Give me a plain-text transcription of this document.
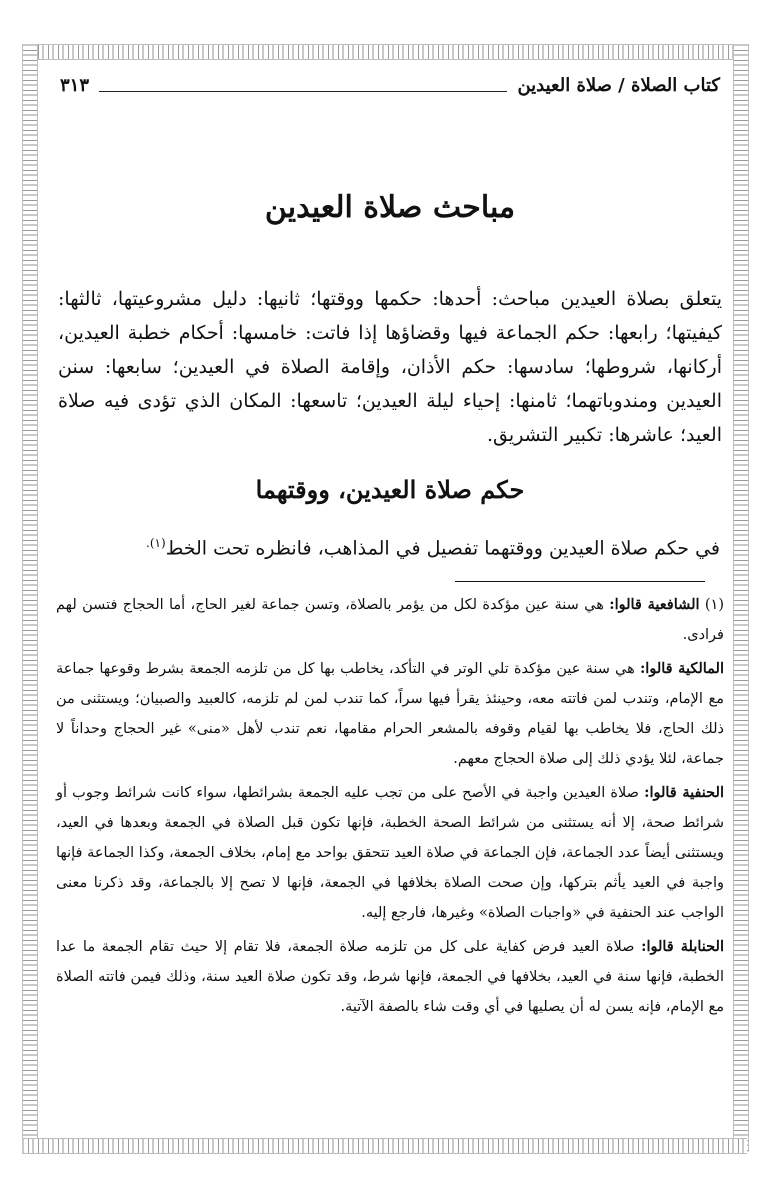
كتاب الصلاة / صلاة العيدين
٣١٣
مباحث صلاة العيدين
يتعلق بصلاة العيدين مباحث: أحدها: حكمها ووقتها؛ ثانيها: دليل مشروعيتها، ثالثها: كيفيتها؛ رابعها: حكم الجماعة فيها وقضاؤها إذا فاتت: خامسها: أحكام خطبة العيدين، أركانها، شروطها؛ سادسها: حكم الأذان، وإقامة الصلاة في العيدين؛ سابعها: سنن العيدين ومندوباتهما؛ ثامنها: إحياء ليلة العيدين؛ تاسعها: المكان الذي تؤدى فيه صلاة العيد؛ عاشرها: تكبير التشريق.
حكم صلاة العيدين، ووقتهما
في حكم صلاة العيدين ووقتهما تفصيل في المذاهب، فانظره تحت الخط$^{(١).}$

(١) الشافعية قالوا: هي سنة عين مؤكدة لكل من يؤمر بالصلاة، وتسن جماعة لغير الحاج، أما الحجاج فتسن لهم فرادى.

المالكية قالوا: هي سنة عين مؤكدة تلي الوتر في التأكد، يخاطب بها كل من تلزمه الجمعة بشرط وقوعها جماعة مع الإمام، وتندب لمن فاتته معه، وحينئذ يقرأ فيها سراً، كما تندب لمن لم تلزمه، كالعبيد والصبيان؛ ويستثنى من ذلك الحاج، فلا يخاطب بها لقيام وقوفه بالمشعر الحرام مقامها، نعم تندب لأهل «منى» غير الحجاج وحداناً لا جماعة، لئلا يؤدي ذلك إلى صلاة الحجاج معهم.

الحنفية قالوا: صلاة العيدين واجبة في الأصح على من تجب عليه الجمعة بشرائطها، سواء كانت شرائط وجوب أو شرائط صحة، إلا أنه يستثنى من شرائط الصحة الخطبة، فإنها تكون قبل الصلاة في الجمعة وبعدها في العيد، ويستثنى أيضاً عدد الجماعة، فإن الجماعة في صلاة العيد تتحقق بواحد مع إمام، بخلاف الجمعة، وكذا الجماعة فإنها واجبة في العيد يأثم بتركها، وإن صحت الصلاة بخلافها في الجمعة، فإنها لا تصح إلا بالجماعة، وقد ذكرنا معنى الواجب عند الحنفية في «واجبات الصلاة» وغيرها، فارجع إليه.

الحنابلة قالوا: صلاة العيد فرض كفاية على كل من تلزمه صلاة الجمعة، فلا تقام إلا حيث تقام الجمعة ما عدا الخطبة، فإنها سنة في العيد، بخلافها في الجمعة، فإنها شرط، وقد تكون صلاة العيد سنة، وذلك فيمن فاتته الصلاة مع الإمام، فإنه يسن له أن يصليها في أي وقت شاء بالصفة الآتية.
